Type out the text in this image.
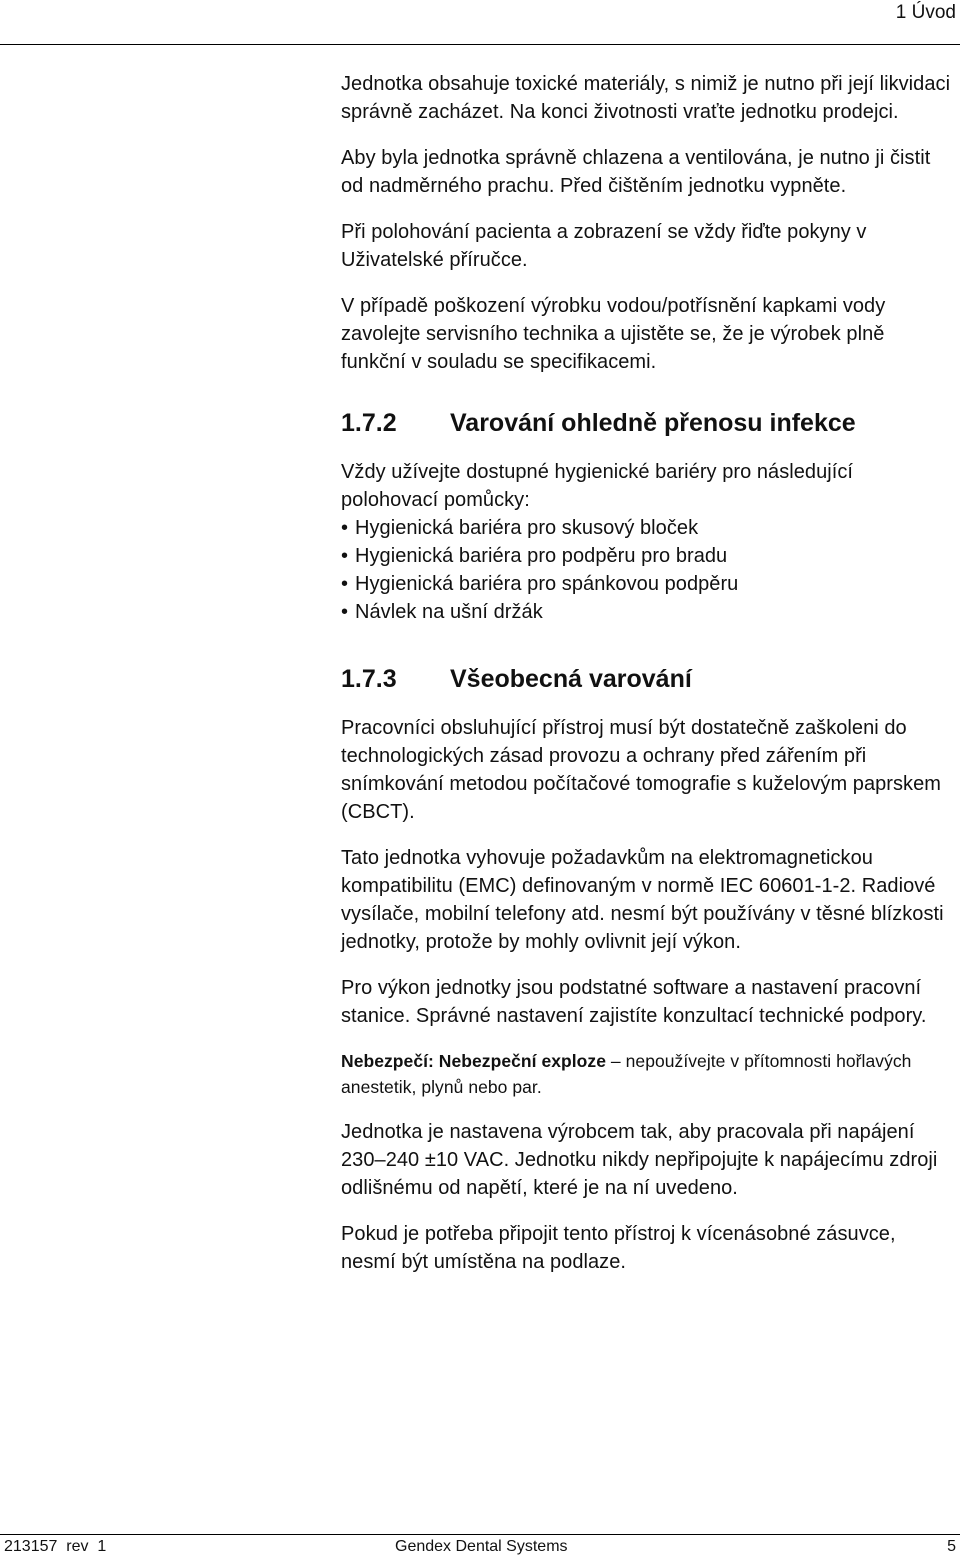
1 Úvod

Jednotka obsahuje toxické materiály, s nimiž je nutno při její likvidaci správně zacházet. Na konci životnosti vraťte jednotku prodejci.

Aby byla jednotka správně chlazena a ventilována, je nutno ji čistit od nadměrného prachu. Před čištěním jednotku vypněte.

Při polohování pacienta a zobrazení se vždy řiďte pokyny v Uživatelské příručce.

V případě poškození výrobku vodou/potřísnění kapkami vody zavolejte servisního technika a ujistěte se, že je výrobek plně funkční v souladu se specifikacemi.

1.7.2	Varování ohledně přenosu infekce

Vždy užívejte dostupné hygienické bariéry pro následující polohovací pomůcky:

• Hygienická bariéra pro skusový bloček
• Hygienická bariéra pro podpěru pro bradu
• Hygienická bariéra pro spánkovou podpěru
• Návlek na ušní držák
1.7.3	Všeobecná varování

Pracovníci obsluhující přístroj musí být dostatečně zaškoleni do technologických zásad provozu a ochrany před zářením při snímkování metodou počítačové tomografie s kuželovým paprskem (CBCT).

Tato jednotka vyhovuje požadavkům na elektromagnetickou kompatibilitu (EMC) definovaným v normě IEC 60601-1-2. Radiové vysílače, mobilní telefony atd. nesmí být používány v těsné blízkosti jednotky, protože by mohly ovlivnit její výkon.

Pro výkon jednotky jsou podstatné software a nastavení pracovní stanice. Správné nastavení zajistíte konzultací technické podpory.

Nebezpečí: Nebezpeční exploze – nepoužívejte v přítomnosti hořlavých anestetik, plynů nebo par.

Jednotka je nastavena výrobcem tak, aby pracovala při napájení 230–240 ±10 VAC. Jednotku nikdy nepřipojujte k napájecímu zdroji odlišnému od napětí, které je na ní uvedeno.

Pokud je potřeba připojit tento přístroj k vícenásobné zásuvce, nesmí být umístěna na podlaze.

213157  rev  1	Gendex Dental Systems	5
